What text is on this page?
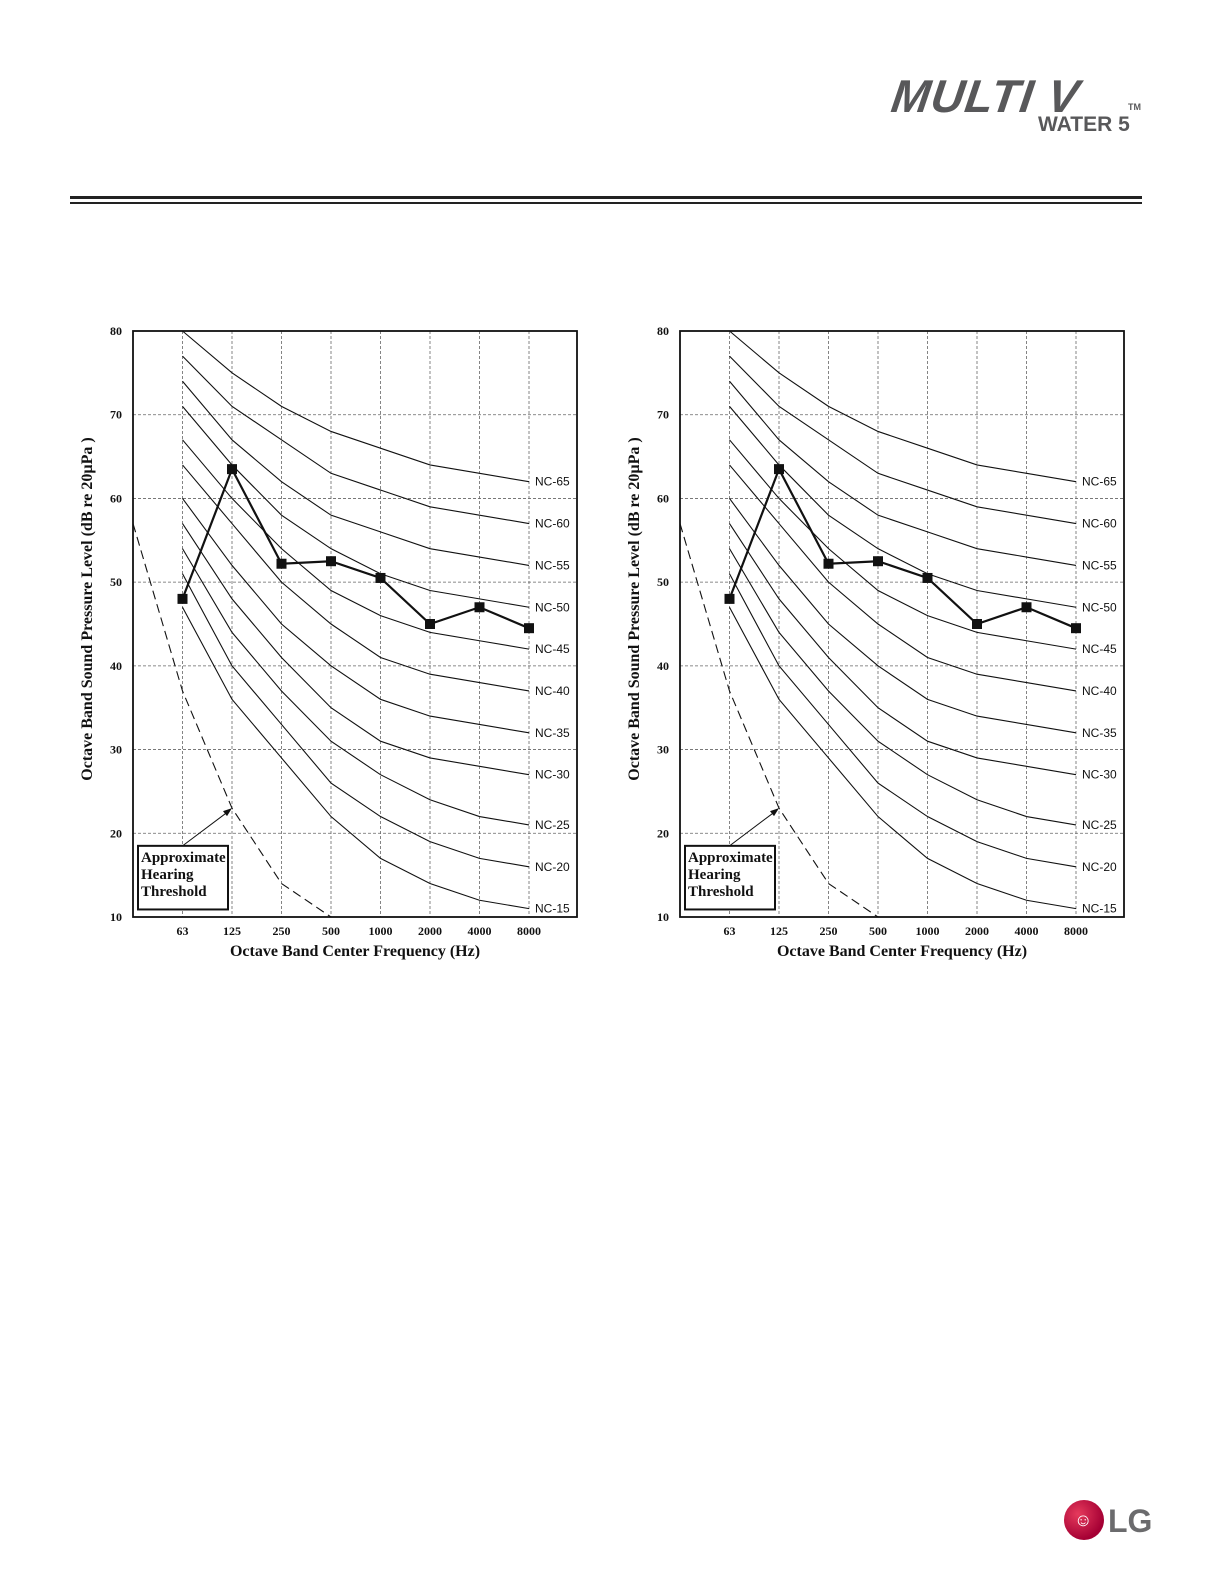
MULTI V	TM
WATER 5
NC-65
NC-60
NC-55
NC-50
NC-45
NC-40
NC-35
NC-30
NC-25
NC-20
NC-15
Approximate
Hearing
Threshold
10
20
30
40
50
60
70
80
63	125	250	500 1000 2000 4000 8000
Octave Band Center Frequency (Hz)
Octave Band Sound Pressure Level (dB re 20µPa )	NC-65
NC-60
NC-55
NC-50
NC-45
NC-40
NC-35
NC-30
NC-25
NC-20
NC-15
Approximate
Hearing
Threshold
10
20
30
40
50
60
70
80
63	125	250	500 1000 2000 4000 8000
Octave Band Center Frequency (Hz)
Octave Band Sound Pressure Level (dB re 20µPa )
☺ LG
